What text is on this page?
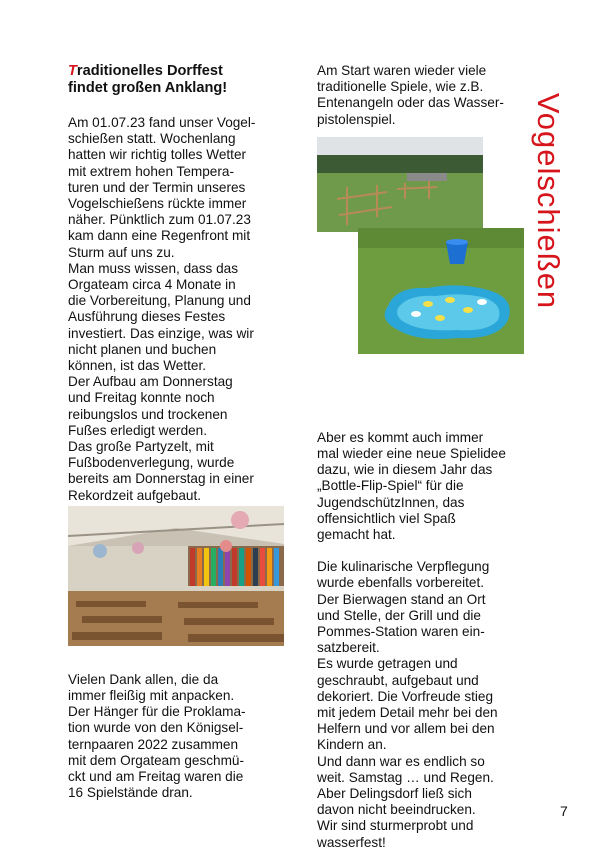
Vogelschießen
Traditionelles Dorffest
findet großen Anklang!

Am 01.07.23 fand unser Vogel-
schießen statt. Wochenlang
hatten wir richtig tolles Wetter
mit extrem hohen Tempera-
turen und der Termin unseres
Vogelschießens rückte immer
näher. Pünktlich zum 01.07.23
kam dann eine Regenfront mit
Sturm auf uns zu.
Man muss wissen, dass das
Orgateam circa 4 Monate in
die Vorbereitung, Planung und
Ausführung dieses Festes
investiert. Das einzige, was wir
nicht planen und buchen
können, ist das Wetter.
Der Aufbau am Donnerstag
und Freitag konnte noch
reibungslos und trockenen
Fußes erledigt werden.
Das große Partyzelt, mit
Fußbodenverlegung, wurde
bereits am Donnerstag in einer
Rekordzeit aufgebaut.

Vielen Dank allen, die da
immer fleißig mit anpacken.
Der Hänger für die Proklama-
tion wurde von den Königsel-
ternpaaren 2022 zusammen
mit dem Orgateam geschmü-
ckt und am Freitag waren die
16 Spielstände dran.

Am Start waren wieder viele
traditionelle Spiele, wie z.B.
Entenangeln oder das Wasser-
pistolenspiel.

Aber es kommt auch immer
mal wieder eine neue Spielidee
dazu, wie in diesem Jahr das
„Bottle-Flip-Spiel“ für die
JugendschützInnen, das
offensichtlich viel Spaß
gemacht hat.

Die kulinarische Verpflegung
wurde ebenfalls vorbereitet.
Der Bierwagen stand an Ort
und Stelle, der Grill und die
Pommes-Station waren ein-
satzbereit.
Es wurde getragen und
geschraubt, aufgebaut und
dekoriert. Die Vorfreude stieg
mit jedem Detail mehr bei den
Helfern und vor allem bei den
Kindern an.
Und dann war es endlich so
weit. Samstag … und Regen.
Aber Delingsdorf ließ sich
davon nicht beeindrucken.
Wir sind sturmerprobt und
wasserfest!

7
